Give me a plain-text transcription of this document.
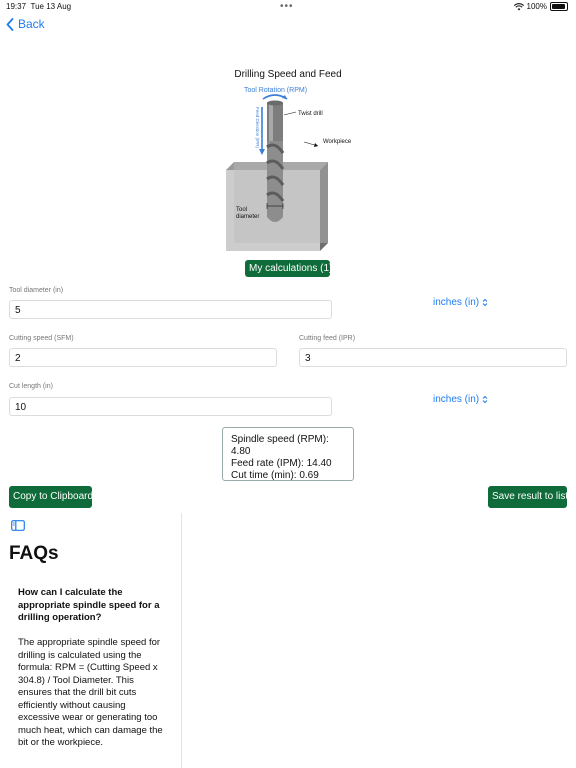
19:37 Tue 13 Aug	•••	100%
Back
Drilling Speed and Feed
Tool Rotation (RPM)
Feed Direction (IPR)	Twist drill
Workpiece
Tool
diameter
My calculations (1)
Tool diameter (in)
5
inches (in)
Cutting speed (SFM)
2
Cutting feed (IPR)
3
Cut length (in)
10
inches (in)
Spindle speed (RPM): 4.80
Feed rate (IPM): 14.40
Cut time (min): 0.69
Copy to Clipboard	Save result to list
FAQs
How can I calculate the appropriate spindle speed for a drilling operation?
The appropriate spindle speed for drilling is calculated using the formula: RPM = (Cutting Speed x 304.8) / Tool Diameter. This ensures that the drill bit cuts efficiently without causing excessive wear or generating too much heat, which can damage the bit or the workpiece.
